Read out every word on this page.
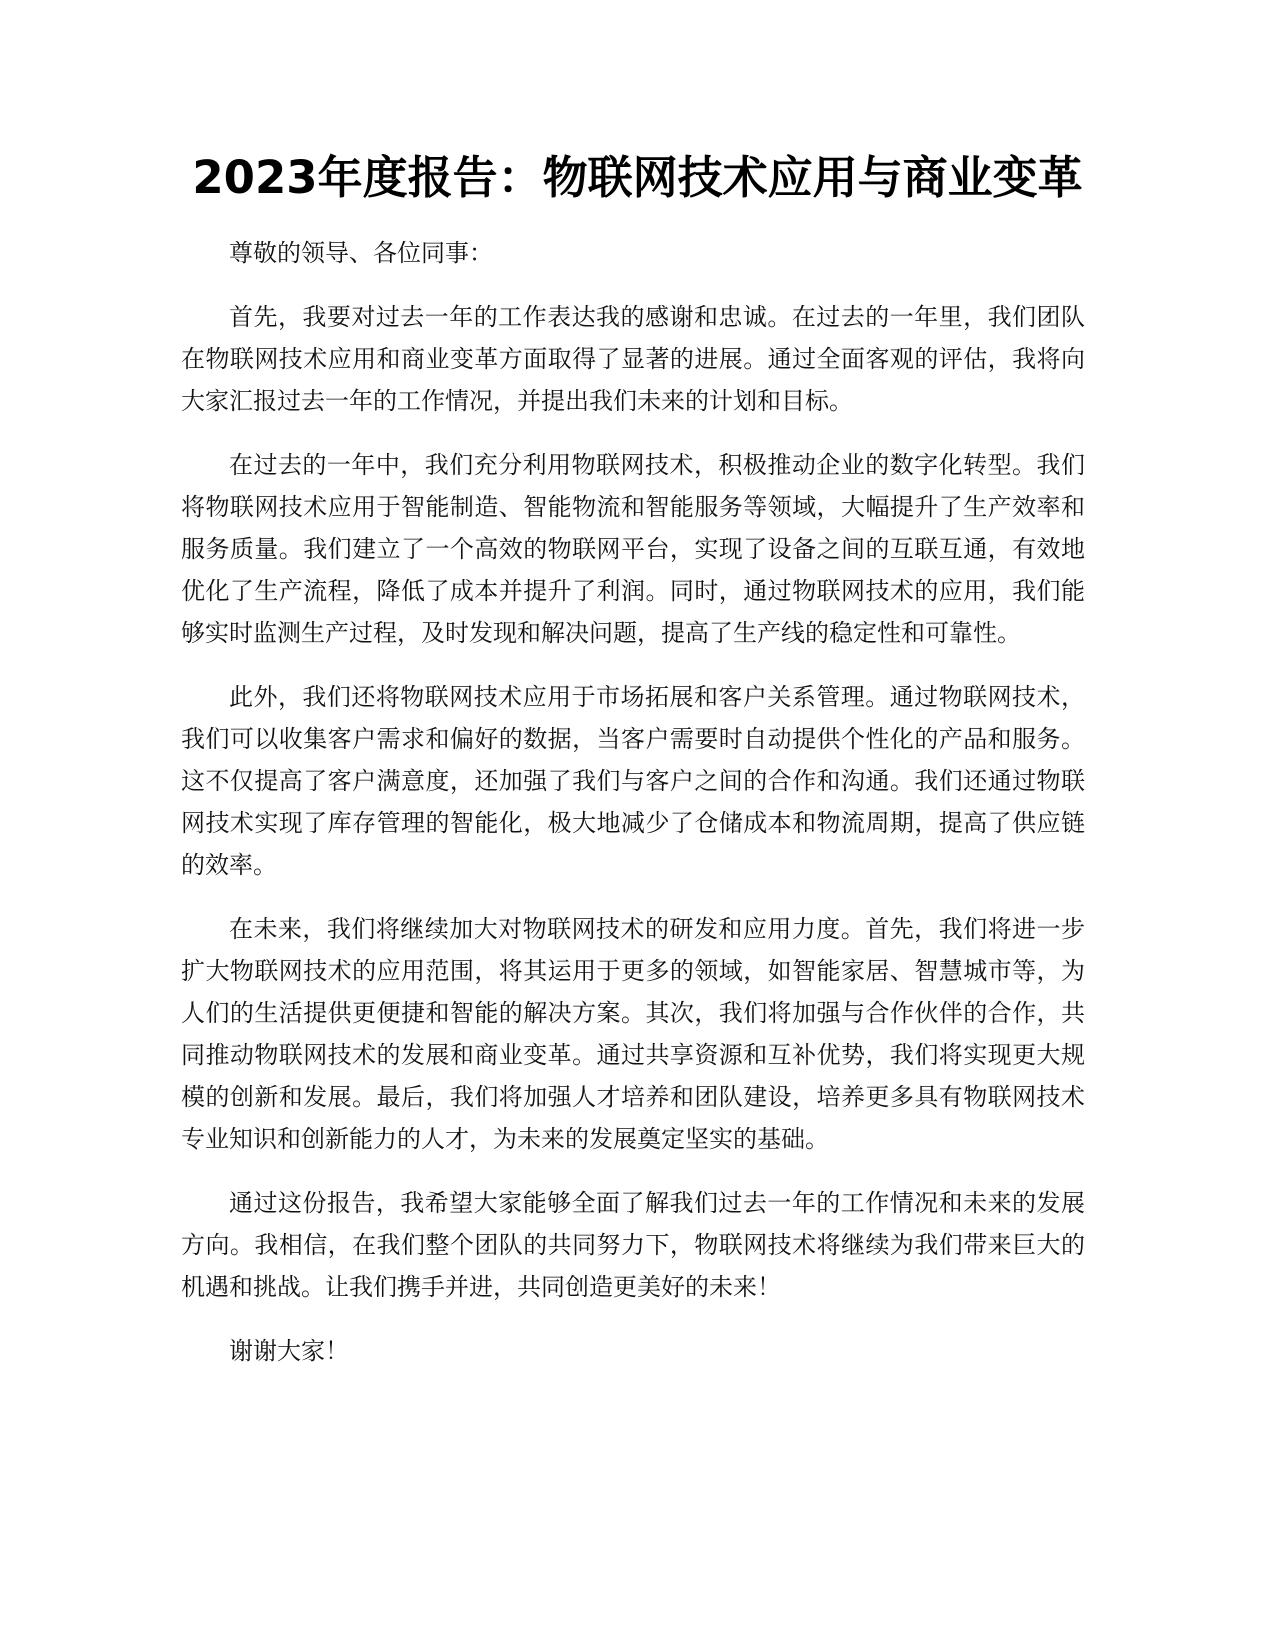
2023年度报告：物联网技术应用与商业变革

尊敬的领导、各位同事：

首先，我要对过去一年的工作表达我的感谢和忠诚。在过去的一年里，我们团队在物联网技术应用和商业变革方面取得了显著的进展。通过全面客观的评估，我将向大家汇报过去一年的工作情况，并提出我们未来的计划和目标。

在过去的一年中，我们充分利用物联网技术，积极推动企业的数字化转型。我们将物联网技术应用于智能制造、智能物流和智能服务等领域，大幅提升了生产效率和服务质量。我们建立了一个高效的物联网平台，实现了设备之间的互联互通，有效地优化了生产流程，降低了成本并提升了利润。同时，通过物联网技术的应用，我们能够实时监测生产过程，及时发现和解决问题，提高了生产线的稳定性和可靠性。

此外，我们还将物联网技术应用于市场拓展和客户关系管理。通过物联网技术，我们可以收集客户需求和偏好的数据，当客户需要时自动提供个性化的产品和服务。这不仅提高了客户满意度，还加强了我们与客户之间的合作和沟通。我们还通过物联网技术实现了库存管理的智能化，极大地减少了仓储成本和物流周期，提高了供应链的效率。

在未来，我们将继续加大对物联网技术的研发和应用力度。首先，我们将进一步扩大物联网技术的应用范围，将其运用于更多的领域，如智能家居、智慧城市等，为人们的生活提供更便捷和智能的解决方案。其次，我们将加强与合作伙伴的合作，共同推动物联网技术的发展和商业变革。通过共享资源和互补优势，我们将实现更大规模的创新和发展。最后，我们将加强人才培养和团队建设，培养更多具有物联网技术专业知识和创新能力的人才，为未来的发展奠定坚实的基础。

通过这份报告，我希望大家能够全面了解我们过去一年的工作情况和未来的发展方向。我相信，在我们整个团队的共同努力下，物联网技术将继续为我们带来巨大的机遇和挑战。让我们携手并进，共同创造更美好的未来！

谢谢大家！
